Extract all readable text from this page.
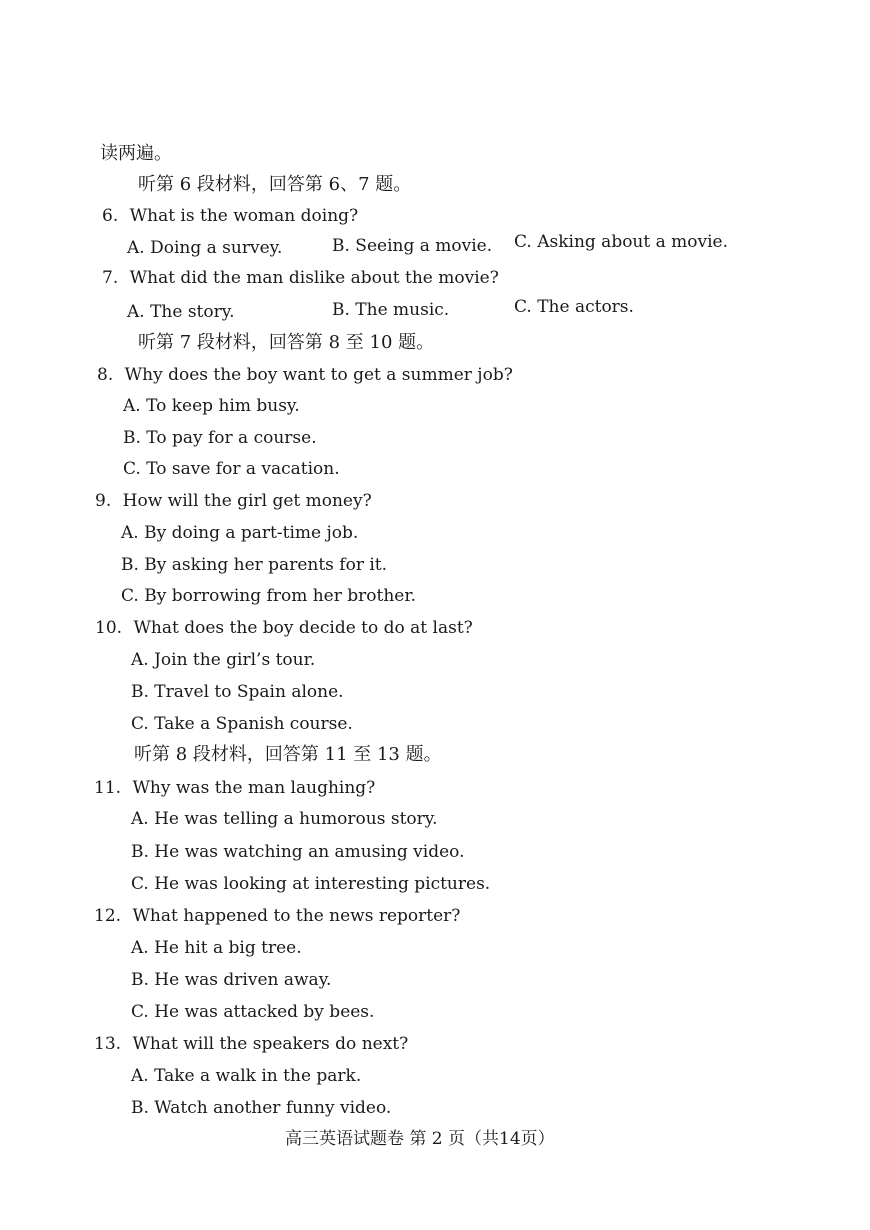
读两遍。
听第 6 段材料，回答第 6、7 题。
6. What is the woman doing?
A. Doing a survey.	B. Seeing a movie. C. Asking about a movie.
7. What did the man dislike about the movie?
A. The story.	B. The music.	C. The actors.
听第 7 段材料，回答第 8 至 10 题。
8. Why does the boy want to get a summer job?
A. To keep him busy.
B. To pay for a course.
C. To save for a vacation.
9. How will the girl get money?
A. By doing a part-time job.
B. By asking her parents for it.
C. By borrowing from her brother.
10. What does the boy decide to do at last?
A. Join the girl’s tour.
B. Travel to Spain alone.
C. Take a Spanish course.
听第 8 段材料，回答第 11 至 13 题。
11. Why was the man laughing?
A. He was telling a humorous story.
B. He was watching an amusing video.
C. He was looking at interesting pictures.
12. What happened to the news reporter?
A. He hit a big tree.
B. He was driven away.
C. He was attacked by bees.
13. What will the speakers do next?
A. Take a walk in the park.
B. Watch another funny video.
高三英语试题卷 第 2 页（共14页）
